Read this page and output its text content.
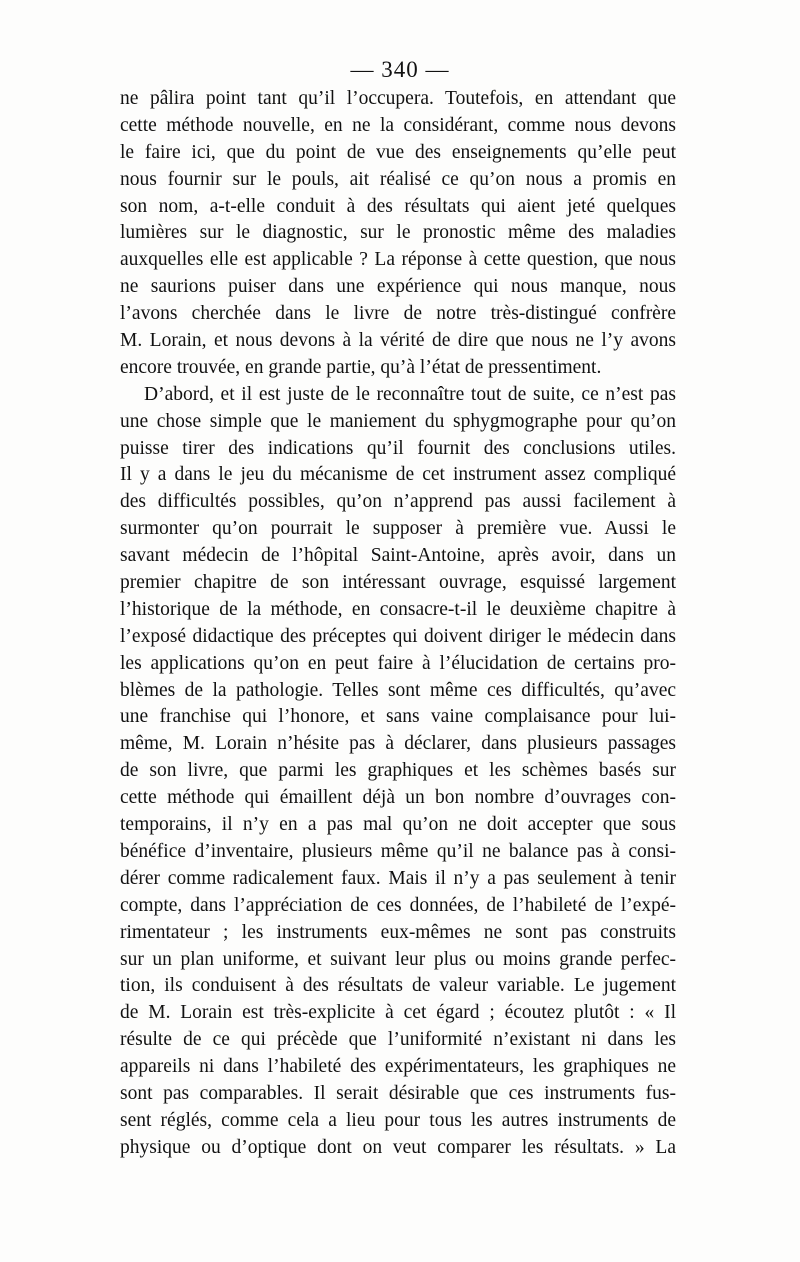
— 340 —
ne pâlira point tant qu’il l’occupera. Toutefois, en attendant que
cette méthode nouvelle, en ne la considérant, comme nous devons
le faire ici, que du point de vue des enseignements qu’elle peut
nous fournir sur le pouls, ait réalisé ce qu’on nous a promis en
son nom, a-t-elle conduit à des résultats qui aient jeté quelques
lumières sur le diagnostic, sur le pronostic même des maladies
auxquelles elle est applicable ? La réponse à cette question, que nous
ne saurions puiser dans une expérience qui nous manque, nous
l’avons cherchée dans le livre de notre très-distingué confrère
M. Lorain, et nous devons à la vérité de dire que nous ne l’y avons
encore trouvée, en grande partie, qu’à l’état de pressentiment.
D’abord, et il est juste de le reconnaître tout de suite, ce n’est pas
une chose simple que le maniement du sphygmographe pour qu’on
puisse tirer des indications qu’il fournit des conclusions utiles.
Il y a dans le jeu du mécanisme de cet instrument assez compliqué
des difficultés possibles, qu’on n’apprend pas aussi facilement à
surmonter qu’on pourrait le supposer à première vue. Aussi le
savant médecin de l’hôpital Saint-Antoine, après avoir, dans un
premier chapitre de son intéressant ouvrage, esquissé largement
l’historique de la méthode, en consacre-t-il le deuxième chapitre à
l’exposé didactique des préceptes qui doivent diriger le médecin dans
les applications qu’on en peut faire à l’élucidation de certains pro-
blèmes de la pathologie. Telles sont même ces difficultés, qu’avec
une franchise qui l’honore, et sans vaine complaisance pour lui-
même, M. Lorain n’hésite pas à déclarer, dans plusieurs passages
de son livre, que parmi les graphiques et les schèmes basés sur
cette méthode qui émaillent déjà un bon nombre d’ouvrages con-
temporains, il n’y en a pas mal qu’on ne doit accepter que sous
bénéfice d’inventaire, plusieurs même qu’il ne balance pas à consi-
dérer comme radicalement faux. Mais il n’y a pas seulement à tenir
compte, dans l’appréciation de ces données, de l’habileté de l’expé-
rimentateur ; les instruments eux-mêmes ne sont pas construits
sur un plan uniforme, et suivant leur plus ou moins grande perfec-
tion, ils conduisent à des résultats de valeur variable. Le jugement
de M. Lorain est très-explicite à cet égard ; écoutez plutôt : « Il
résulte de ce qui précède que l’uniformité n’existant ni dans les
appareils ni dans l’habileté des expérimentateurs, les graphiques ne
sont pas comparables. Il serait désirable que ces instruments fus-
sent réglés, comme cela a lieu pour tous les autres instruments de
physique ou d’optique dont on veut comparer les résultats. » La
